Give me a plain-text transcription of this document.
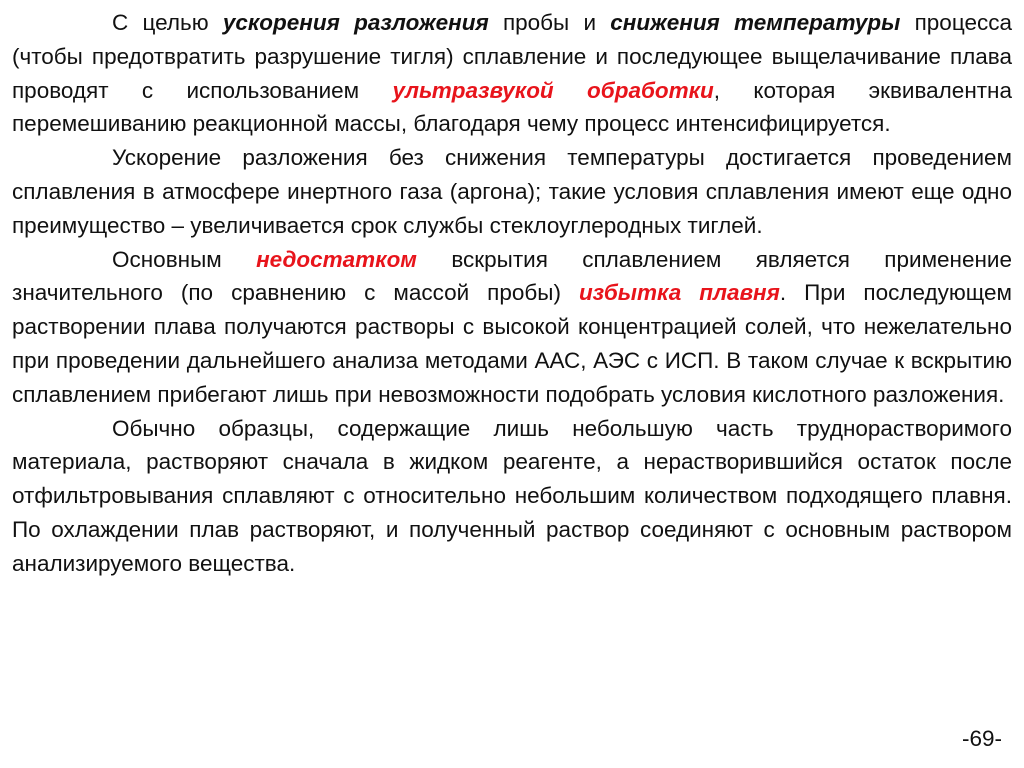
С целью ускорения разложения пробы и снижения температуры процесса (чтобы предотвратить разрушение тигля) сплавление и последующее выщелачивание плава проводят с использованием ультразвукой обработки, которая эквивалентна перемешиванию реакционной массы, благодаря чему процесс интенсифицируется.

Ускорение разложения без снижения температуры достигается проведением сплавления в атмосфере инертного газа (аргона); такие условия сплавления имеют еще одно преимущество – увеличивается срок службы стеклоуглеродных тиглей.

Основным недостатком вскрытия сплавлением является применение значительного (по сравнению с массой пробы) избытка плавня. При последующем растворении плава получаются растворы с высокой концентрацией солей, что нежелательно при проведении дальнейшего анализа методами ААС, АЭС с ИСП. В таком случае к вскрытию сплавлением прибегают лишь при невозможности подобрать условия кислотного разложения.

Обычно образцы, содержащие лишь небольшую часть труднорастворимого материала, растворяют сначала в жидком реагенте, а нерастворившийся остаток после отфильтровывания сплавляют с относительно небольшим количеством подходящего плавня. По охлаждении плав растворяют, и полученный раствор соединяют с основным раствором анализируемого вещества.

-69-
